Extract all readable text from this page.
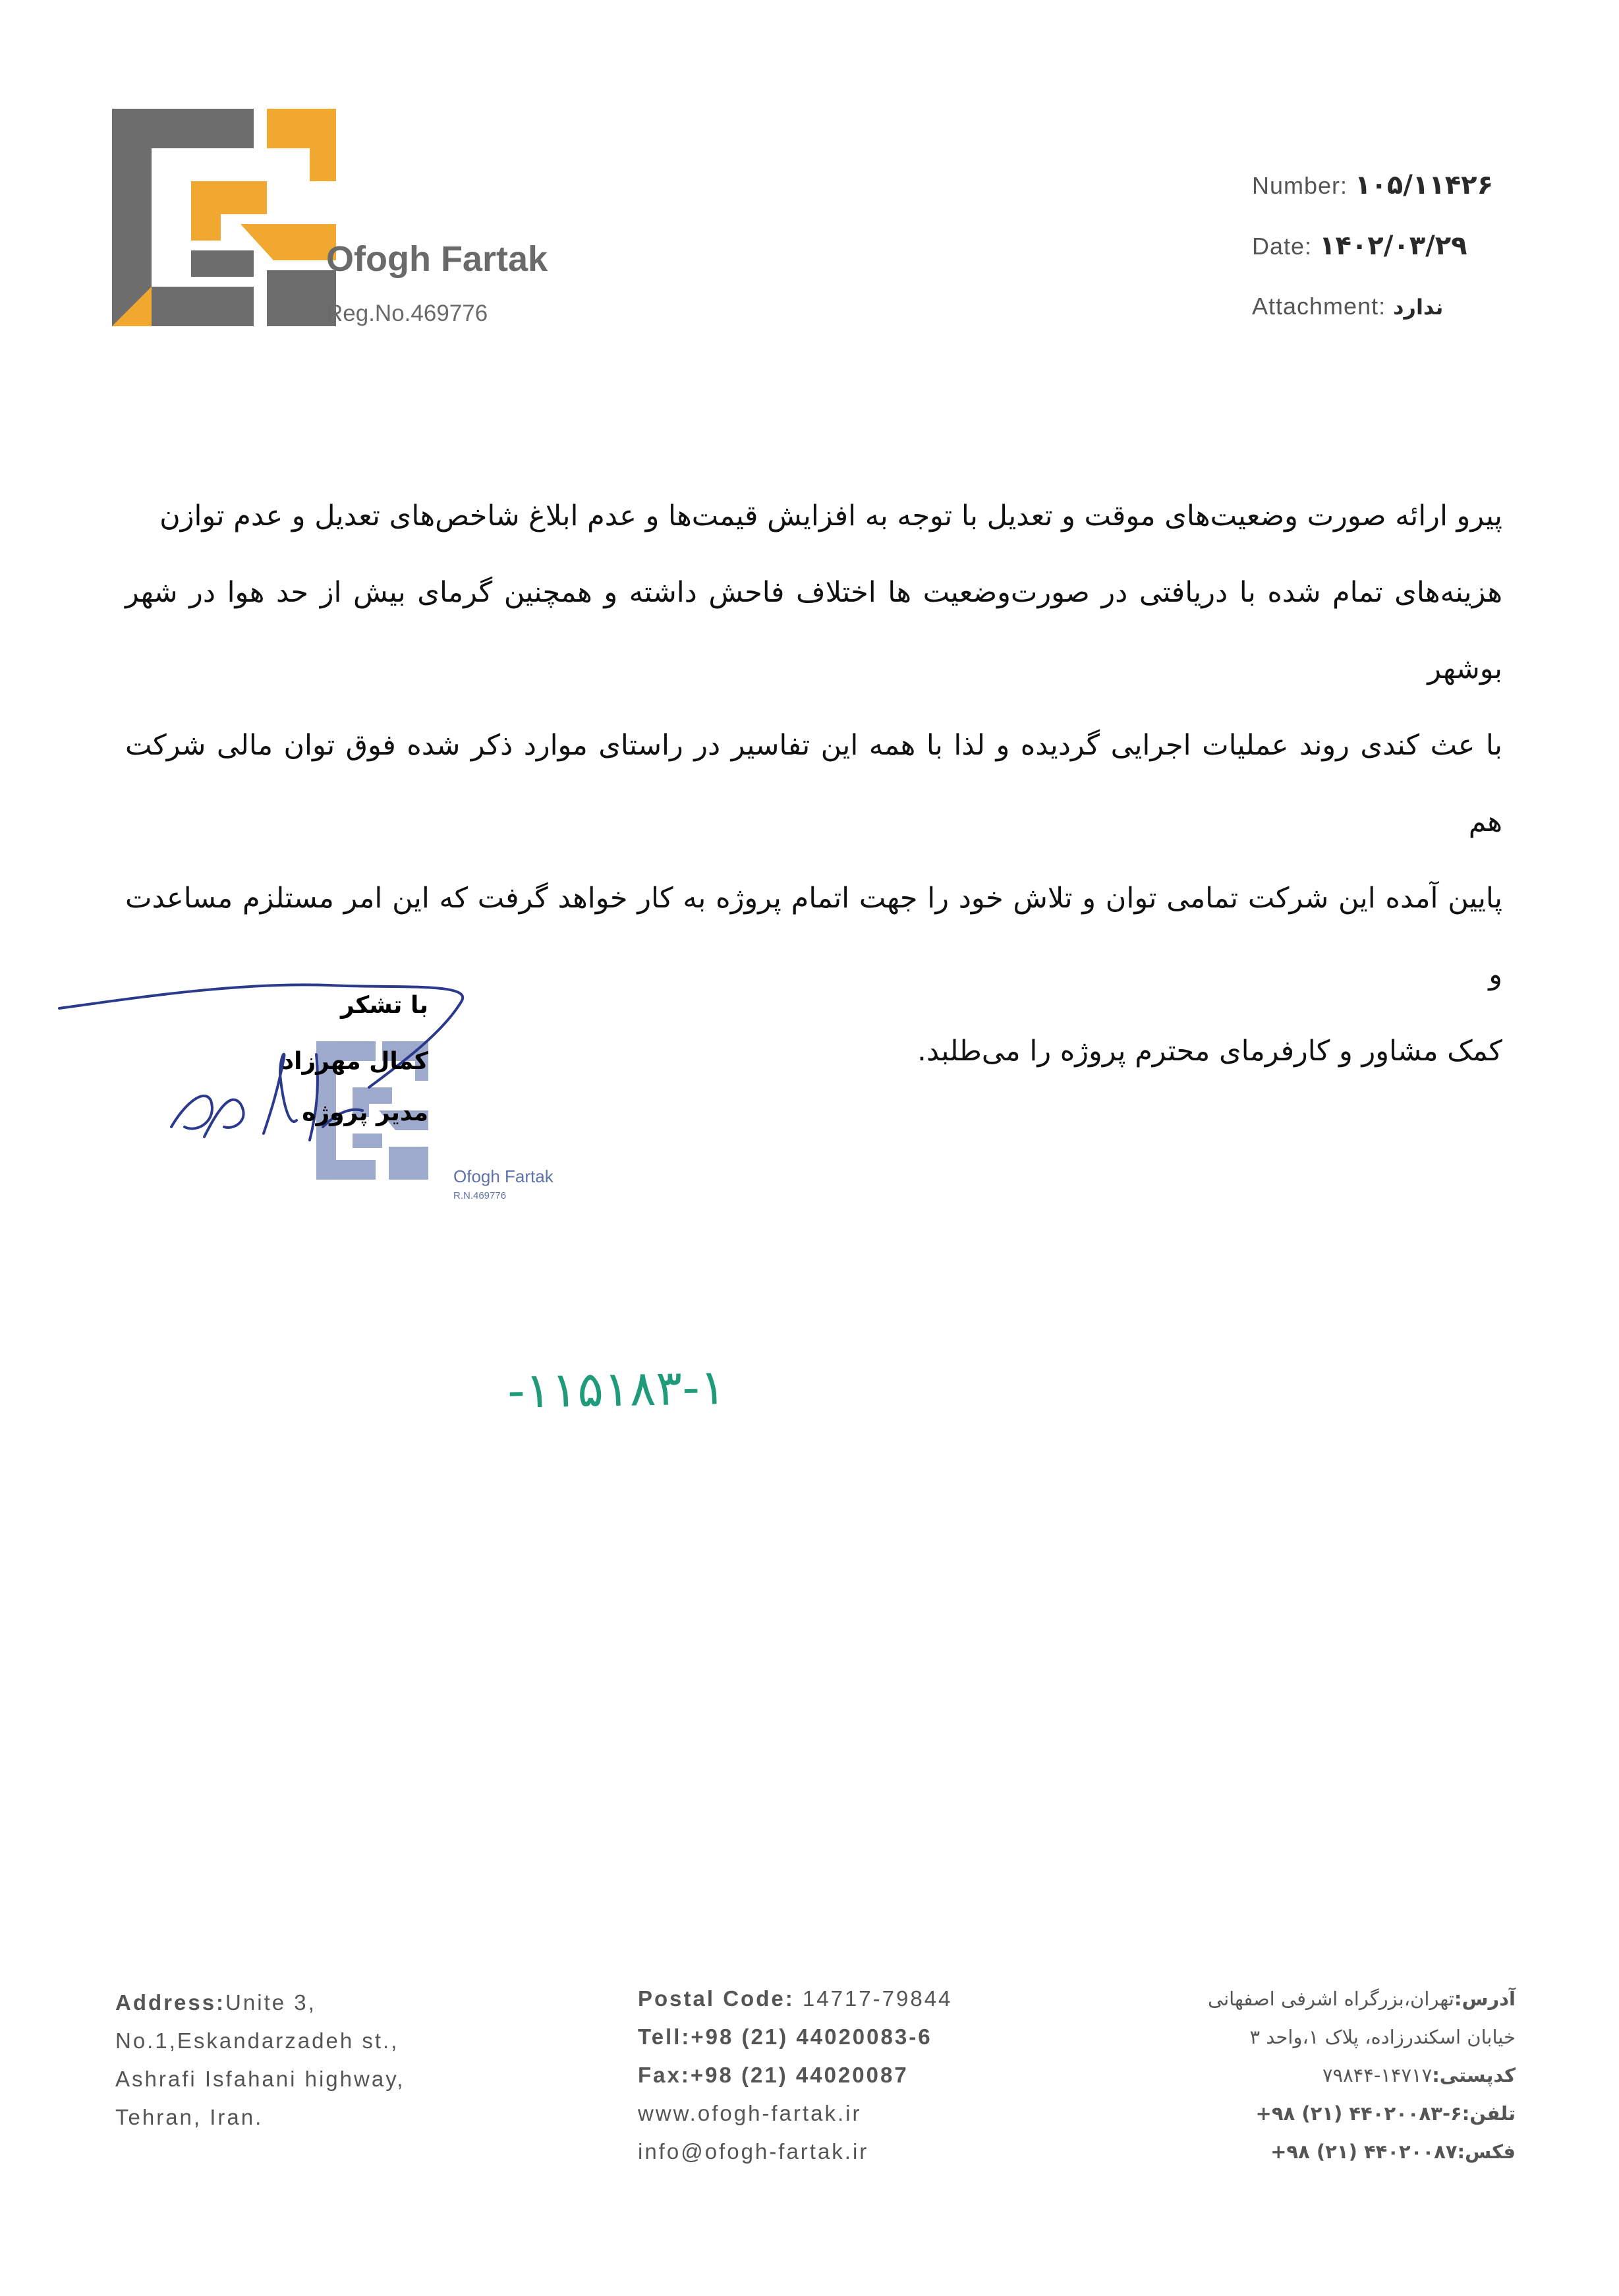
Ofogh Fartak
Reg.No.469776
Number: ۱۰۵/۱۱۴۲۶
Date: ۱۴۰۲/۰۳/۲۹
Attachment: ندارد

پیرو ارائه صورت وضعیت‌های موقت و تعدیل با توجه به افزایش قیمت‌ها و عدم ابلاغ شاخص‌های تعدیل و عدم توازن

هزینه‌های تمام شده با دریافتی در صورت‌وضعیت ها اختلاف فاحش داشته و همچنین گرمای بیش از حد هوا در شهر بوشهر

با عث کندی روند عملیات اجرایی گردیده و لذا با همه این تفاسیر در راستای موارد ذکر شده فوق توان مالی شرکت هم

پایین آمده این شرکت تمامی توان و تلاش خود را جهت اتمام پروژه به کار خواهد گرفت که این امر مستلزم مساعدت و

کمک مشاور و کارفرمای محترم پروژه را می‌طلبد.

Ofogh Fartak
R.N.469776
با تشکر
کمال مهرزاد
مدیر پروژه
-۱۱۵۱۸۳-۱
Address:Unite 3,
No.1,Eskandarzadeh st.,
Ashrafi Isfahani highway,
Tehran, Iran.
Postal Code: 14717-79844
Tell:+98 (21) 44020083-6
Fax:+98 (21) 44020087
www.ofogh-fartak.ir
info@ofogh-fartak.ir
آدرس:تهران،بزرگراه اشرفی اصفهانی
خیابان اسکندرزاده، پلاک ۱،واحد ۳
کدپستی:۱۴۷۱۷-۷۹۸۴۴
تلفن:۶-۴۴۰۲۰۰۸۳ (۲۱) ۹۸+
فکس:۴۴۰۲۰۰۸۷ (۲۱) ۹۸+
